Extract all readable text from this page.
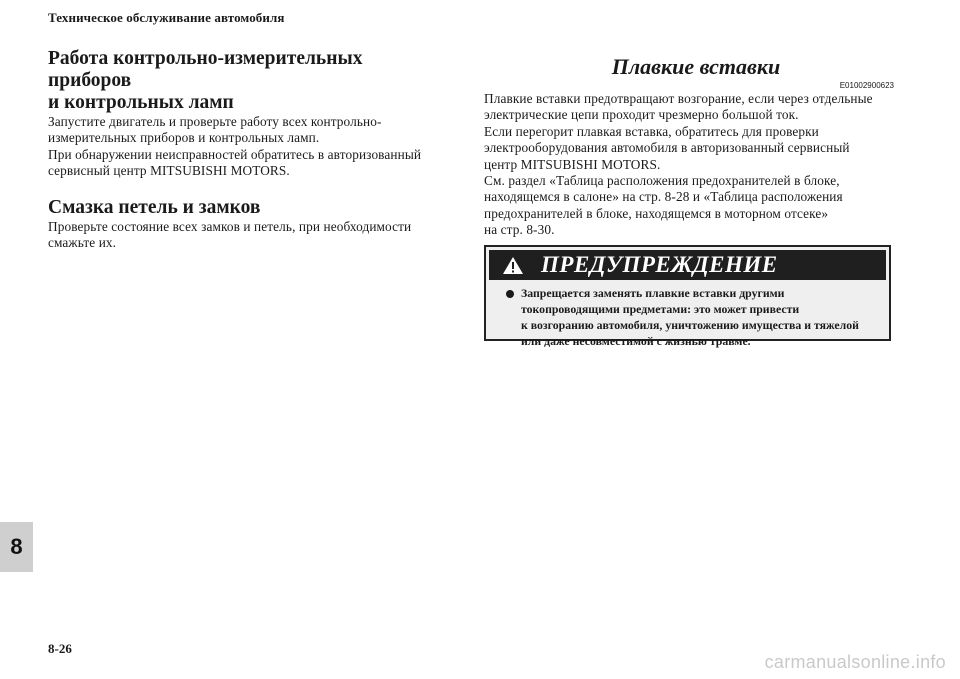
Техническое обслуживание автомобиля
Работа контрольно-измерительных приборов
и контрольных ламп

Запустите двигатель и проверьте работу всех контрольно-
измерительных приборов и контрольных ламп.
При обнаружении неисправностей обратитесь в авторизованный
сервисный центр MITSUBISHI MOTORS.

Смазка петель и замков

Проверьте состояние всех замков и петель, при необходимости
смажьте их.

Плавкие вставки
E01002900623

Плавкие вставки предотвращают возгорание, если через отдельные
электрические цепи проходит чрезмерно большой ток.
Если перегорит плавкая вставка, обратитесь для проверки
электрооборудования автомобиля в авторизованный сервисный
центр MITSUBISHI MOTORS.
См. раздел «Таблица расположения предохранителей в блоке,
находящемся в салоне» на стр. 8-28 и «Таблица расположения
предохранителей в блоке, находящемся в моторном отсеке»
на стр. 8-30.

ПРЕДУПРЕЖДЕНИЕ
Запрещается заменять плавкие вставки другими
токопроводящими предметами: это может привести
к возгоранию автомобиля, уничтожению имущества и тяжелой
или даже несовместимой с жизнью травме.
8
8-26
carmanualsonline.info
